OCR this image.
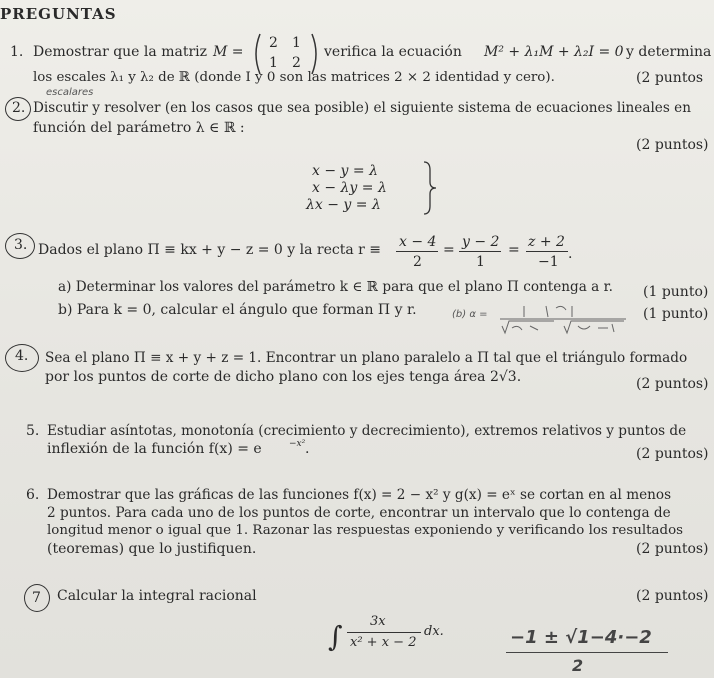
PREGUNTAS
1. Demostrar que la matriz M =
2 1
1 2
verifica la ecuación M² + λ₁M + λ₂I = 0 y determina
los escales λ₁ y λ₂ de ℝ (donde I y 0 son las matrices 2 × 2 identidad y cero).	(2 puntos
escalares
2. Discutir y resolver (en los casos que sea posible) el siguiente sistema de ecuaciones lineales en
función del parámetro λ ∈ ℝ :
(2 puntos)
x − y = λ
x − λy = λ
λx − y = λ
3. Dados el plano Π ≡ kx + y − z = 0 y la recta r ≡ x − 4
2
= y − 2
1
= z + 2
−1 .
a) Determinar los valores del parámetro k ∈ ℝ para que el plano Π contenga a r. (1 punto)
b) Para k = 0, calcular el ángulo que forman Π y r.	(b) α =	(1 punto)
4. Sea el plano Π ≡ x + y + z = 1. Encontrar un plano paralelo a Π tal que el triángulo formado
por los puntos de corte de dicho plano con los ejes tenga área 2√3.	(2 puntos)
5. Estudiar asíntotas, monotonía (crecimiento y decrecimiento), extremos relativos y puntos de
inflexión de la función f(x) = e	−x² .	(2 puntos)
6. Demostrar que las gráficas de las funciones f(x) = 2 − x² y g(x) = eˣ se cortan en al menos
2 puntos. Para cada uno de los puntos de corte, encontrar un intervalo que lo contenga de
longitud menor o igual que 1. Razonar las respuestas exponiendo y verificando los resultados
(teoremas) que lo justifiquen.	(2 puntos)
7 Calcular la integral racional	(2 puntos)
∫ 3x
x² + x − 2
dx.	−1 ± √1−4·−2
2
